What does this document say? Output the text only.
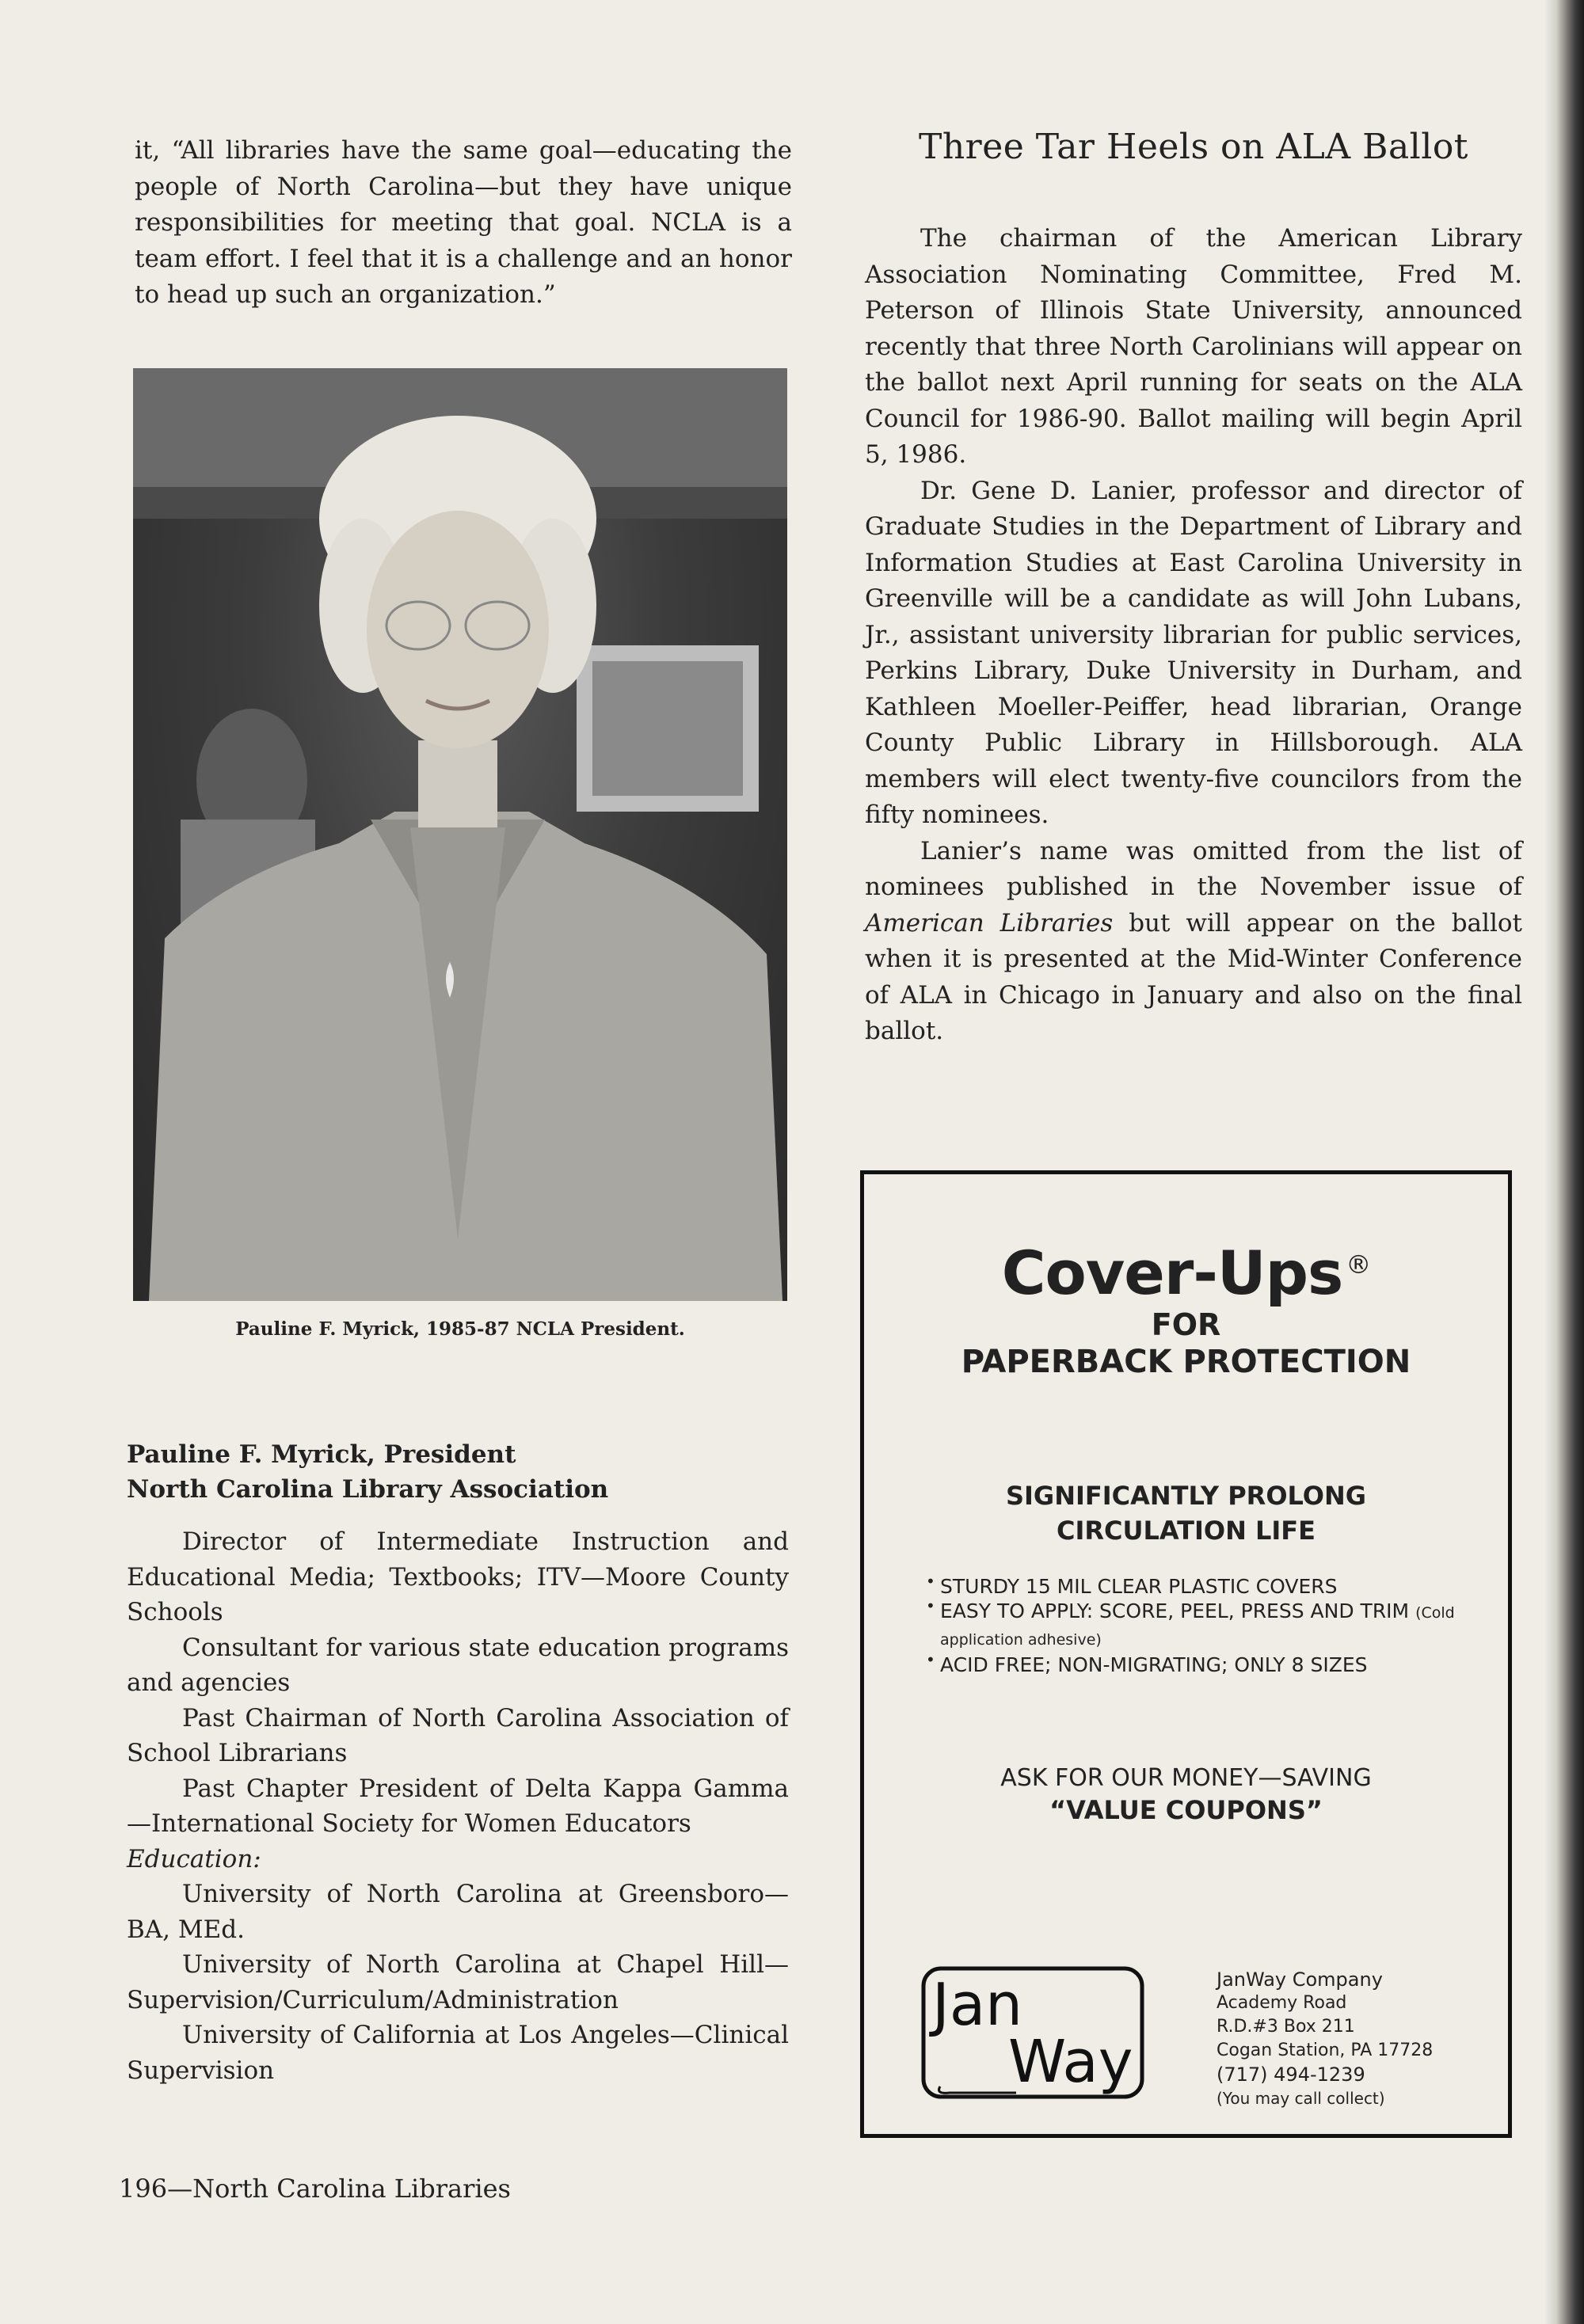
it, “All libraries have the same goal—educating the people of North Carolina—but they have unique responsibilities for meeting that goal. NCLA is a team effort. I feel that it is a challenge and an honor to head up such an organization.”

Pauline F. Myrick, 1985-87 NCLA President.
Pauline F. Myrick, President
North Carolina Library Association

Director of Intermediate Instruction and Educational Media; Textbooks; ITV—Moore County Schools

Consultant for various state education programs and agencies

Past Chairman of North Carolina Association of School Librarians

Past Chapter President of Delta Kappa Gamma—International Society for Women Educators

Education:

University of North Carolina at Greensboro—BA, MEd.

University of North Carolina at Chapel Hill—Supervision/Curriculum/Administration

University of California at Los Angeles—Clinical Supervision

196—North Carolina Libraries
Three Tar Heels on ALA Ballot

The chairman of the American Library Association Nominating Committee, Fred M. Peterson of Illinois State University, announced recently that three North Carolinians will appear on the ballot next April running for seats on the ALA Council for 1986-90. Ballot mailing will begin April 5, 1986.

Dr. Gene D. Lanier, professor and director of Graduate Studies in the Department of Library and Information Studies at East Carolina University in Greenville will be a candidate as will John Lubans, Jr., assistant university librarian for public services, Perkins Library, Duke University in Durham, and Kathleen Moeller-Peiffer, head librarian, Orange County Public Library in Hillsborough. ALA members will elect twenty-five councilors from the fifty nominees.

Lanier’s name was omitted from the list of nominees published in the November issue of American Libraries but will appear on the ballot when it is presented at the Mid-Winter Conference of ALA in Chicago in January and also on the final ballot.

Cover-Ups ®
FOR
PAPERBACK PROTECTION
SIGNIFICANTLY PROLONG
CIRCULATION LIFE
• STURDY 15 MIL CLEAR PLASTIC COVERS
• EASY TO APPLY: SCORE, PEEL, PRESS AND TRIM (Cold application adhesive)
• ACID FREE; NON-MIGRATING; ONLY 8 SIZES
ASK FOR OUR MONEY—SAVING
“VALUE COUPONS”
Jan
Way
JanWay Company
Academy Road
R.D.#3 Box 211
Cogan Station, PA 17728
(717) 494-1239
(You may call collect)
